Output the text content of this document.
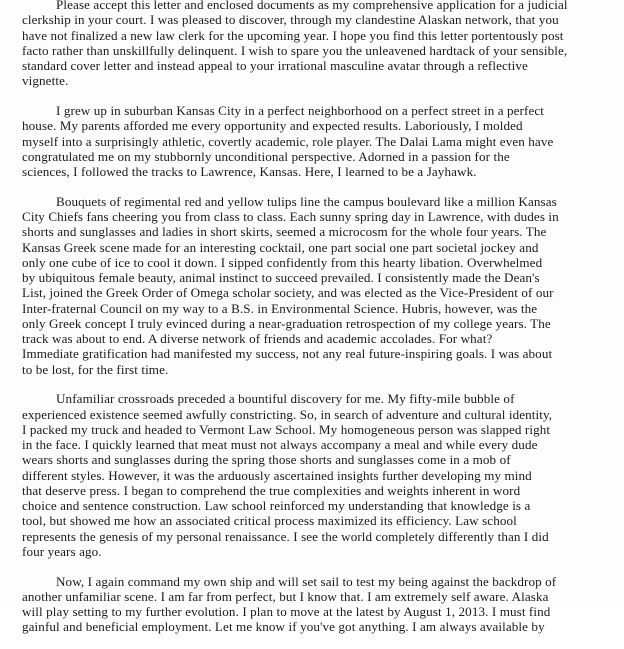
Please accept this letter and enclosed documents as my comprehensive application for a judicial
clerkship in your court. I was pleased to discover, through my clandestine Alaskan network, that you
have not finalized a new law clerk for the upcoming year. I hope you find this letter portentously post
facto rather than unskillfully delinquent. I wish to spare you the unleavened hardtack of your sensible,
standard cover letter and instead appeal to your irrational masculine avatar through a reflective
vignette.
I grew up in suburban Kansas City in a perfect neighborhood on a perfect street in a perfect
house. My parents afforded me every opportunity and expected results. Laboriously, I molded
myself into a surprisingly athletic, covertly academic, role player. The Dalai Lama might even have
congratulated me on my stubbornly unconditional perspective. Adorned in a passion for the
sciences, I followed the tracks to Lawrence, Kansas. Here, I learned to be a Jayhawk.
Bouquets of regimental red and yellow tulips line the campus boulevard like a million Kansas
City Chiefs fans cheering you from class to class. Each sunny spring day in Lawrence, with dudes in
shorts and sunglasses and ladies in short skirts, seemed a microcosm for the whole four years. The
Kansas Greek scene made for an interesting cocktail, one part social one part societal jockey and
only one cube of ice to cool it down. I sipped confidently from this hearty libation. Overwhelmed
by ubiquitous female beauty, animal instinct to succeed prevailed. I consistently made the Dean's
List, joined the Greek Order of Omega scholar society, and was elected as the Vice-President of our
Inter-fraternal Council on my way to a B.S. in Environmental Science. Hubris, however, was the
only Greek concept I truly evinced during a near-graduation retrospection of my college years. The
track was about to end. A diverse network of friends and academic accolades. For what?
Immediate gratification had manifested my success, not any real future-inspiring goals. I was about
to be lost, for the first time.
Unfamiliar crossroads preceded a bountiful discovery for me. My fifty-mile bubble of
experienced existence seemed awfully constricting. So, in search of adventure and cultural identity,
I packed my truck and headed to Vermont Law School. My homogeneous person was slapped right
in the face. I quickly learned that meat must not always accompany a meal and while every dude
wears shorts and sunglasses during the spring those shorts and sunglasses come in a mob of
different styles. However, it was the arduously ascertained insights further developing my mind
that deserve press. I began to comprehend the true complexities and weights inherent in word
choice and sentence construction. Law school reinforced my understanding that knowledge is a
tool, but showed me how an associated critical process maximized its efficiency. Law school
represents the genesis of my personal renaissance. I see the world completely differently than I did
four years ago.
Now, I again command my own ship and will set sail to test my being against the backdrop of
another unfamiliar scene. I am far from perfect, but I know that. I am extremely self aware. Alaska
will play setting to my further evolution. I plan to move at the latest by August 1, 2013. I must find
gainful and beneficial employment. Let me know if you've got anything. I am always available by
